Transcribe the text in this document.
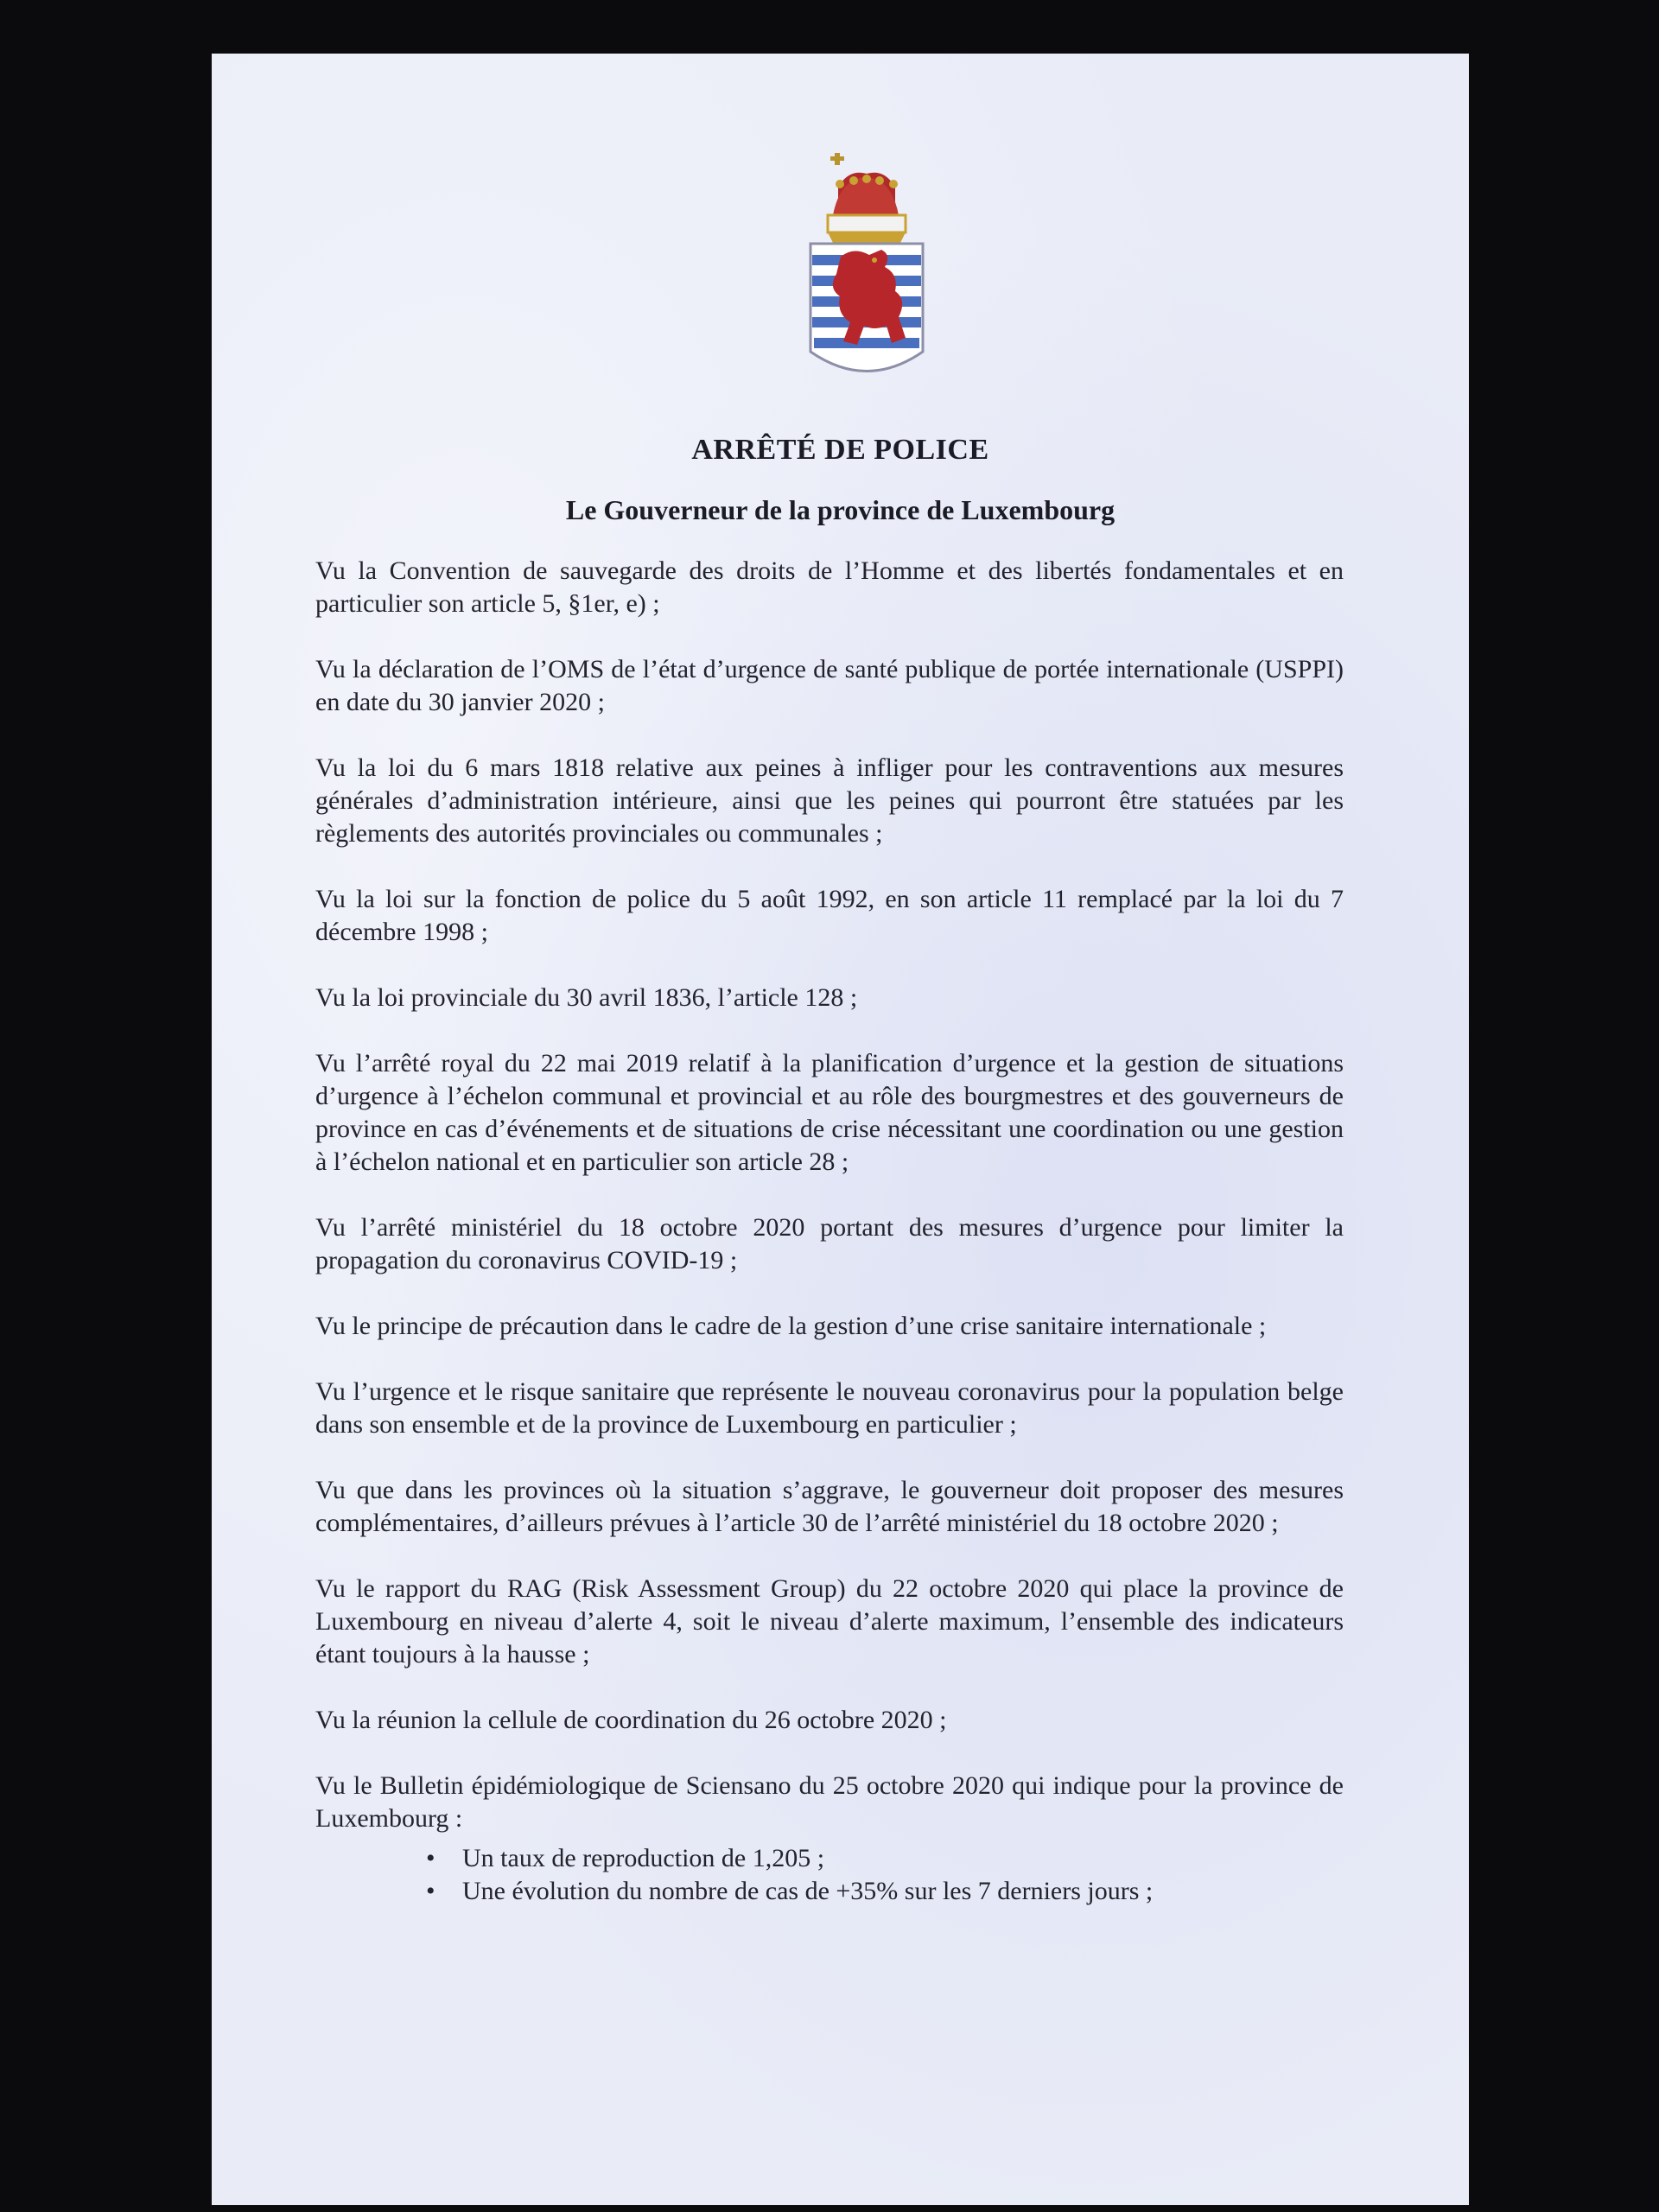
ARRÊTÉ DE POLICE
Le Gouverneur de la province de Luxembourg

Vu la Convention de sauvegarde des droits de l’Homme et des libertés fondamentales et en particulier son article 5, §1er, e) ;

Vu la déclaration de l’OMS de l’état d’urgence de santé publique de portée internationale (USPPI) en date du 30 janvier 2020 ;

Vu la loi du 6 mars 1818 relative aux peines à infliger pour les contraventions aux mesures générales d’administration intérieure, ainsi que les peines qui pourront être statuées par les règlements des autorités provinciales ou communales ;

Vu la loi sur la fonction de police du 5 août 1992, en son article 11 remplacé par la loi du 7 décembre 1998 ;

Vu la loi provinciale du 30 avril 1836, l’article 128 ;

Vu l’arrêté royal du 22 mai 2019 relatif à la planification d’urgence et la gestion de situations d’urgence à l’échelon communal et provincial et au rôle des bourgmestres et des gouverneurs de province en cas d’événements et de situations de crise nécessitant une coordination ou une gestion à l’échelon national et en particulier son article 28 ;

Vu l’arrêté ministériel du 18 octobre 2020 portant des mesures d’urgence pour limiter la propagation du coronavirus COVID-19 ;

Vu le principe de précaution dans le cadre de la gestion d’une crise sanitaire internationale ;

Vu l’urgence et le risque sanitaire que représente le nouveau coronavirus pour la population belge dans son ensemble et de la province de Luxembourg en particulier ;

Vu que dans les provinces où la situation s’aggrave, le gouverneur doit proposer des mesures complémentaires, d’ailleurs prévues à l’article 30 de l’arrêté ministériel du 18 octobre 2020 ;

Vu le rapport du RAG (Risk Assessment Group) du 22 octobre 2020 qui place la province de Luxembourg en niveau d’alerte 4, soit le niveau d’alerte maximum, l’ensemble des indicateurs étant toujours à la hausse ;

Vu la réunion la cellule de coordination du 26 octobre 2020 ;

Vu le Bulletin épidémiologique de Sciensano du 25 octobre 2020 qui indique pour la province de Luxembourg :

• Un taux de reproduction de 1,205 ;
• Une évolution du nombre de cas de +35% sur les 7 derniers jours ;
